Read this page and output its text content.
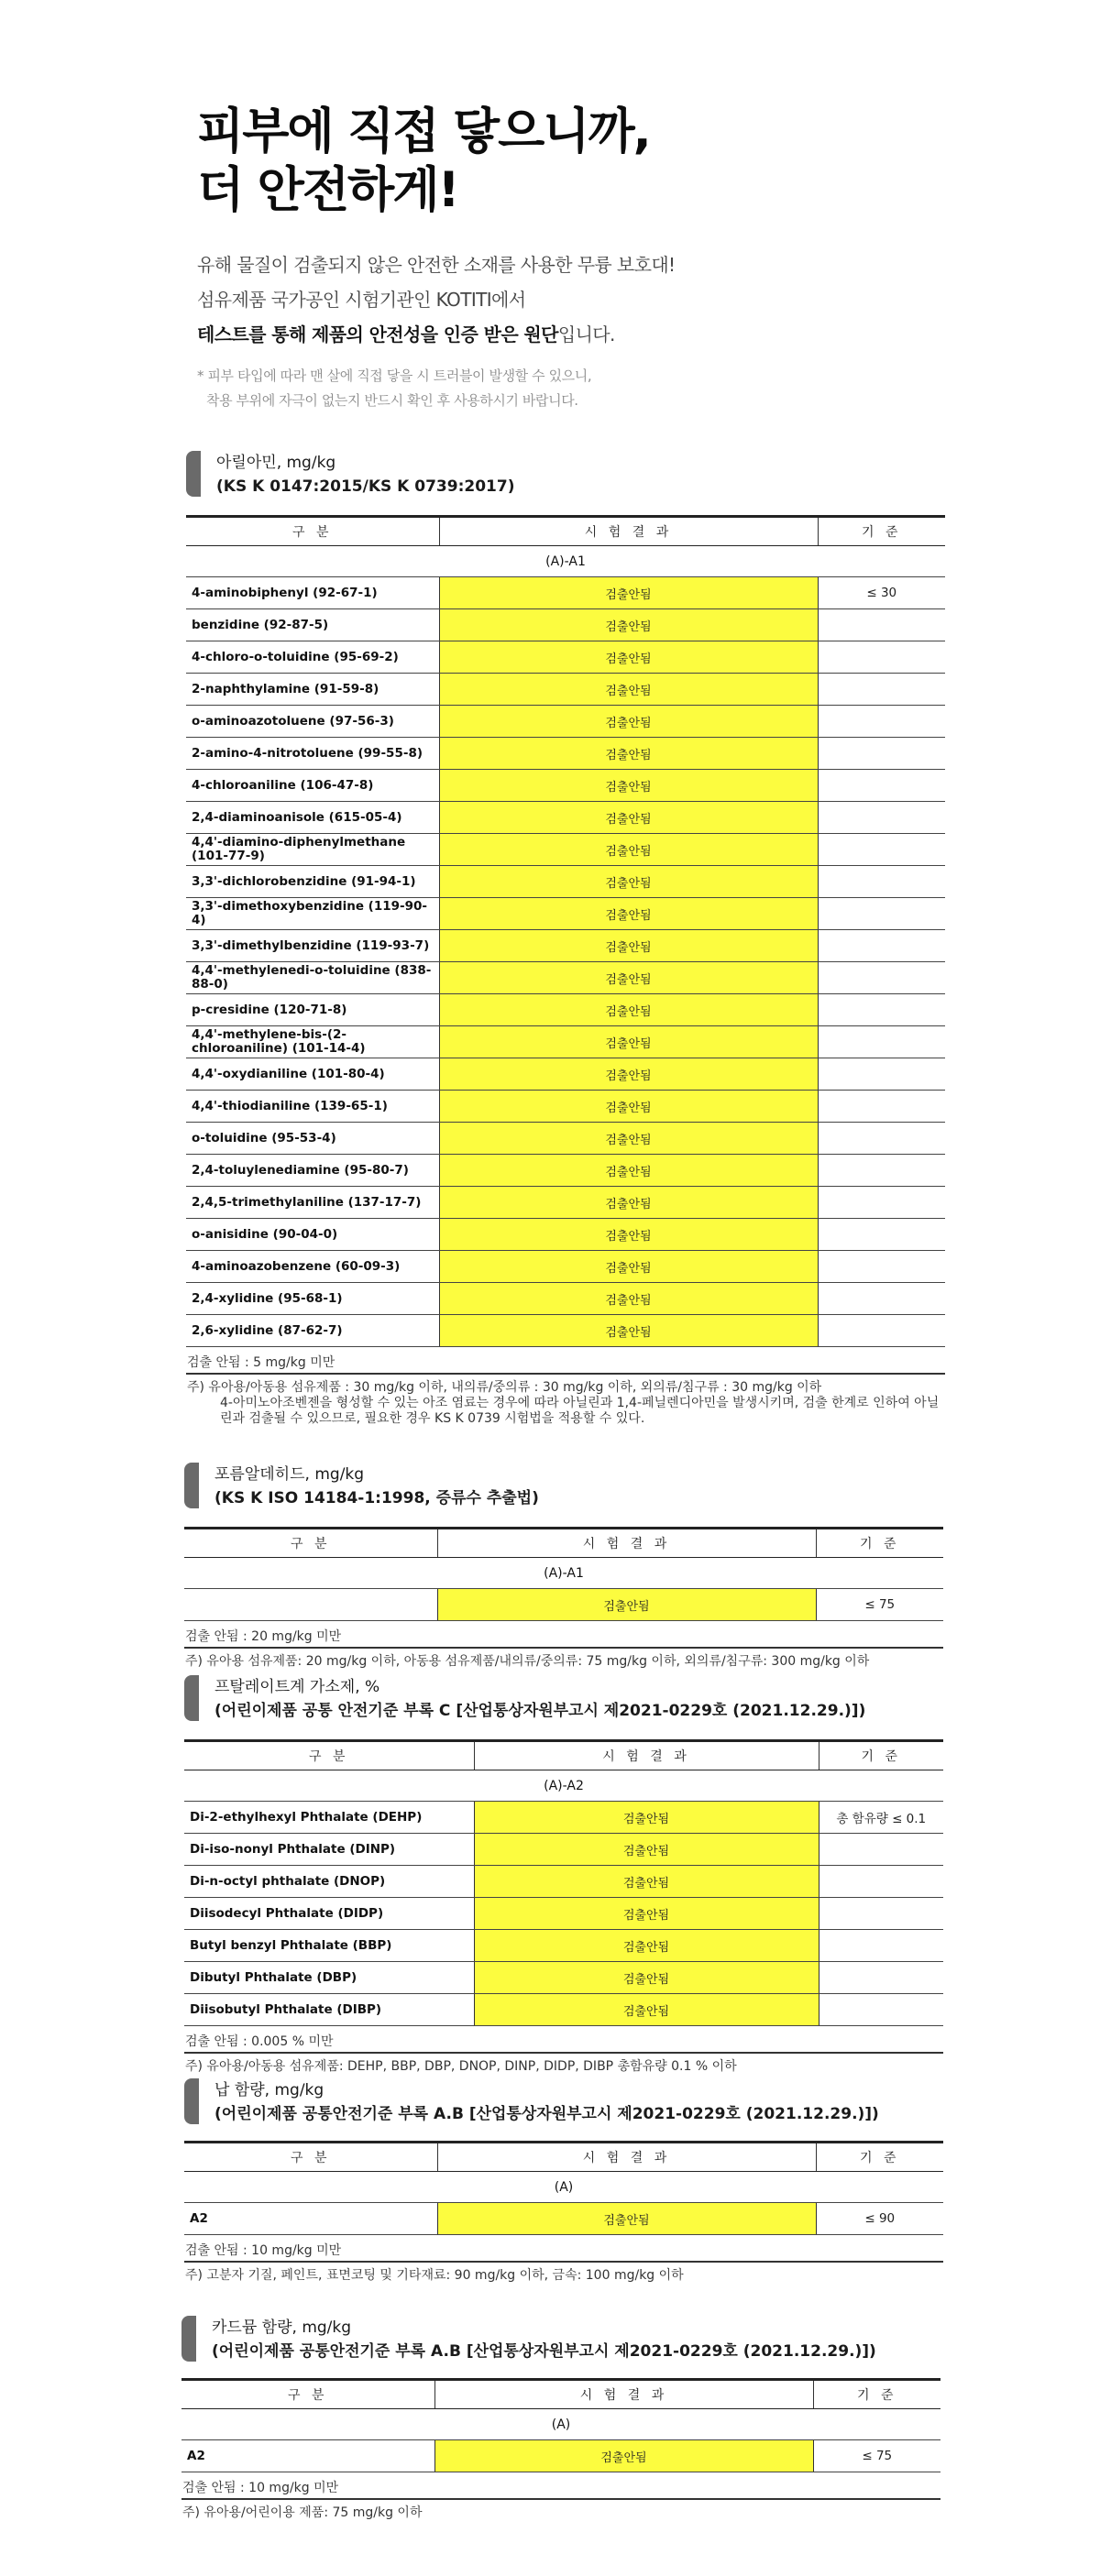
피부에 직접 닿으니까,
더 안전하게!
유해 물질이 검출되지 않은 안전한 소재를 사용한 무륭 보호대!
섬유제품 국가공인 시험기관인 KOTITI에서
테스트를 통해 제품의 안전성을 인증 받은 원단입니다.
* 피부 타입에 따라 맨 살에 직접 닿을 시 트러블이 발생할 수 있으니,
착용 부위에 자극이 없는지 반드시 확인 후 사용하시기 바랍니다.
아릴아민, mg/kg
(KS K 0147:2015/KS K 0739:2017)
구 분	시 험 결 과	기 준
(A)-A1		
4-aminobiphenyl (92-67-1)	검출안됨	≤ 30
benzidine (92-87-5)	검출안됨	
4-chloro-o-toluidine (95-69-2)	검출안됨	
2-naphthylamine (91-59-8)	검출안됨	
o-aminoazotoluene (97-56-3)	검출안됨	
2-amino-4-nitrotoluene (99-55-8)	검출안됨	
4-chloroaniline (106-47-8)	검출안됨	
2,4-diaminoanisole (615-05-4)	검출안됨	
4,4'-diamino-diphenylmethane (101-77-9)	검출안됨	
3,3'-dichlorobenzidine (91-94-1)	검출안됨	
3,3'-dimethoxybenzidine (119-90-4)	검출안됨	
3,3'-dimethylbenzidine (119-93-7)	검출안됨	
4,4'-methylenedi-o-toluidine (838-88-0)	검출안됨	
p-cresidine (120-71-8)	검출안됨	
4,4'-methylene-bis-(2-chloroaniline) (101-14-4)	검출안됨	
4,4'-oxydianiline (101-80-4)	검출안됨	
4,4'-thiodianiline (139-65-1)	검출안됨	
o-toluidine (95-53-4)	검출안됨	
2,4-toluylenediamine (95-80-7)	검출안됨	
2,4,5-trimethylaniline (137-17-7)	검출안됨	
o-anisidine (90-04-0)	검출안됨	
4-aminoazobenzene (60-09-3)	검출안됨	
2,4-xylidine (95-68-1)	검출안됨	
2,6-xylidine (87-62-7)	검출안됨	
검출 안됨 : 5 mg/kg 미만
주) 유아용/아동용 섬유제품 : 30 mg/kg 이하, 내의류/중의류 : 30 mg/kg 이하, 외의류/침구류 : 30 mg/kg 이하
4-아미노아조벤젠을 형성할 수 있는 아조 염료는 경우에 따라 아닐린과 1,4-페닐렌디아민을 발생시키며, 검출 한계로 인하여 아닐린과 검출될 수 있으므로, 필요한 경우 KS K 0739 시험법을 적용할 수 있다.
포름알데히드, mg/kg
(KS K ISO 14184-1:1998, 증류수 추출법)
구 분	시 험 결 과	기 준
(A)-A1		
	검출안됨	≤ 75
검출 안됨 : 20 mg/kg 미만
주) 유아용 섬유제품: 20 mg/kg 이하, 아동용 섬유제품/내의류/중의류: 75 mg/kg 이하, 외의류/침구류: 300 mg/kg 이하
프탈레이트계 가소제, %
(어린이제품 공통 안전기준 부록 C [산업통상자원부고시 제2021-0229호 (2021.12.29.)])
구 분	시 험 결 과	기 준
(A)-A2		
Di-2-ethylhexyl Phthalate (DEHP)	검출안됨	총 함유량 ≤ 0.1
Di-iso-nonyl Phthalate (DINP)	검출안됨	
Di-n-octyl phthalate (DNOP)	검출안됨	
Diisodecyl Phthalate (DIDP)	검출안됨	
Butyl benzyl Phthalate (BBP)	검출안됨	
Dibutyl Phthalate (DBP)	검출안됨	
Diisobutyl Phthalate (DIBP)	검출안됨	
검출 안됨 : 0.005 % 미만
주) 유아용/아동용 섬유제품: DEHP, BBP, DBP, DNOP, DINP, DIDP, DIBP 총함유량 0.1 % 이하
납 함량, mg/kg
(어린이제품 공통안전기준 부록 A.B [산업통상자원부고시 제2021-0229호 (2021.12.29.)])
구 분	시 험 결 과	기 준
(A)		
A2	검출안됨	≤ 90
검출 안됨 : 10 mg/kg 미만
주) 고분자 기질, 페인트, 표면코팅 및 기타재료: 90 mg/kg 이하, 금속: 100 mg/kg 이하
카드뮴 함량, mg/kg
(어린이제품 공통안전기준 부록 A.B [산업통상자원부고시 제2021-0229호 (2021.12.29.)])
구 분	시 험 결 과	기 준
(A)		
A2	검출안됨	≤ 75
검출 안됨 : 10 mg/kg 미만
주) 유아용/어린이용 제품: 75 mg/kg 이하
